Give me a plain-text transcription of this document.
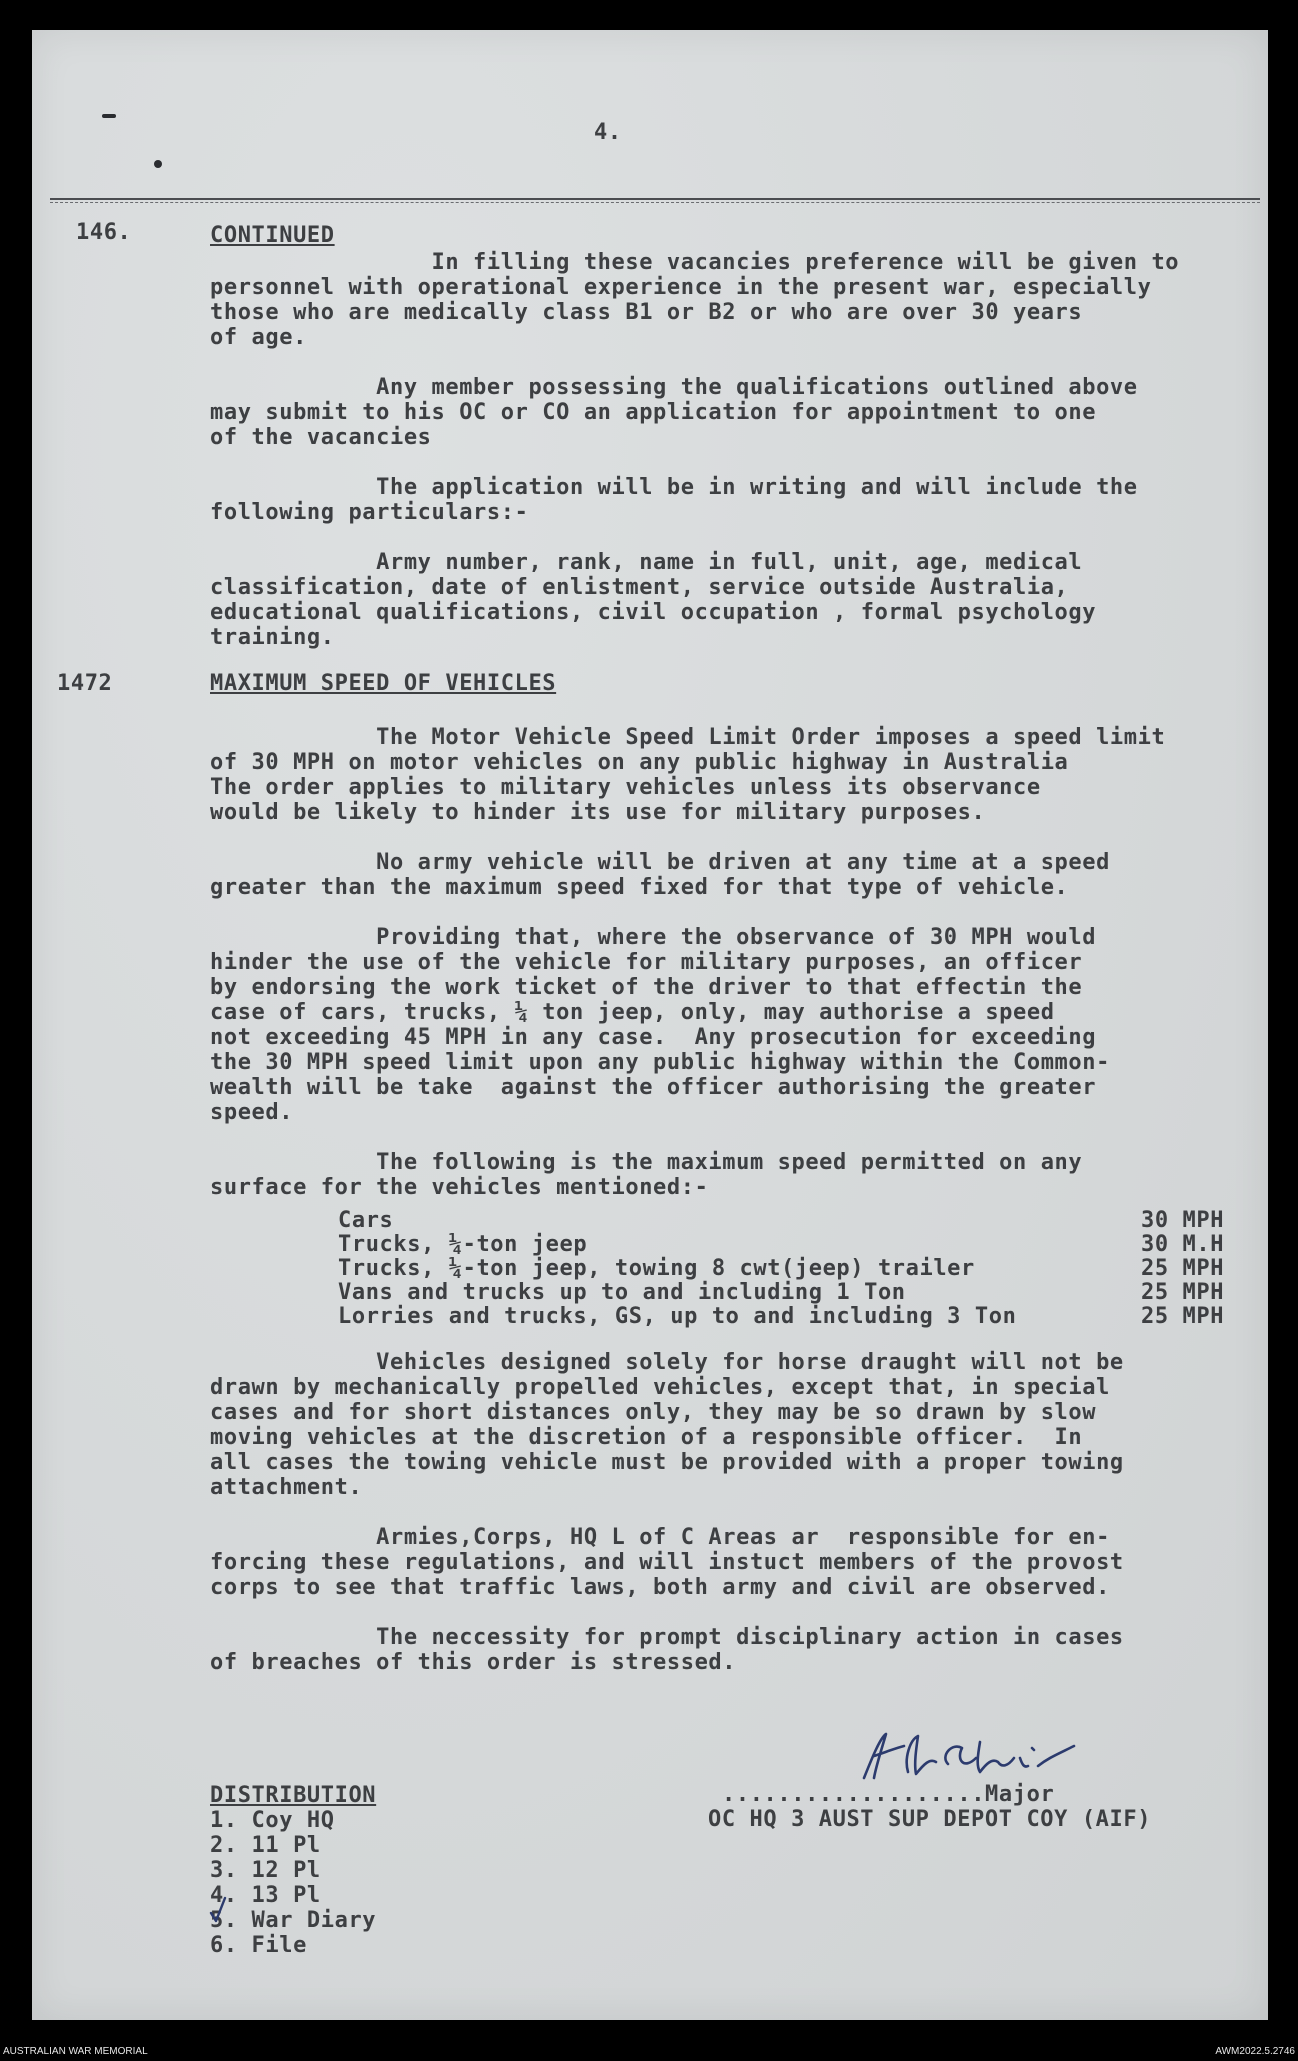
4.
146.	CONTINUED
In filling these vacancies preference will be given to
personnel with operational experience in the present war, especially
those who are medically class B1 or B2 or who are over 30 years
of age.

Any member possessing the qualifications outlined above
may submit to his OC or CO an application for appointment to one
of the vacancies

The application will be in writing and will include the
following particulars:-

Army number, rank, name in full, unit, age, medical
classification, date of enlistment, service outside Australia,
educational qualifications, civil occupation , formal psychology
training.
1472	MAXIMUM SPEED OF VEHICLES
The Motor Vehicle Speed Limit Order imposes a speed limit
of 30 MPH on motor vehicles on any public highway in Australia
The order applies to military vehicles unless its observance
would be likely to hinder its use for military purposes.

No army vehicle will be driven at any time at a speed
greater than the maximum speed fixed for that type of vehicle.

Providing that, where the observance of 30 MPH would
hinder the use of the vehicle for military purposes, an officer
by endorsing the work ticket of the driver to that effectin the
case of cars, trucks, ¼ ton jeep, only, may authorise a speed
not exceeding 45 MPH in any case.  Any prosecution for exceeding
the 30 MPH speed limit upon any public highway within the Common-
wealth will be take  against the officer authorising the greater
speed.

The following is the maximum speed permitted on any
surface for the vehicles mentioned:-
Cars	30 MPH
Trucks, ¼-ton jeep	30 M.H
Trucks, ¼-ton jeep, towing 8 cwt(jeep) trailer	25 MPH
Vans and trucks up to and including 1 Ton	25 MPH
Lorries and trucks, GS, up to and including 3 Ton	25 MPH
Vehicles designed solely for horse draught will not be
drawn by mechanically propelled vehicles, except that, in special
cases and for short distances only, they may be so drawn by slow
moving vehicles at the discretion of a responsible officer.  In
all cases the towing vehicle must be provided with a proper towing
attachment.

Armies,Corps, HQ L of C Areas ar  responsible for en-
forcing these regulations, and will instuct members of the provost
corps to see that traffic laws, both army and civil are observed.

The neccessity for prompt disciplinary action in cases
of breaches of this order is stressed.
...................Major
OC HQ 3 AUST SUP DEPOT COY (AIF)
DISTRIBUTION
1. Coy HQ
2. 11 Pl
3. 12 Pl
4. 13 Pl
5. War Diary
6. File
AUSTRALIAN WAR MEMORIAL	AWM2022.5.2746
